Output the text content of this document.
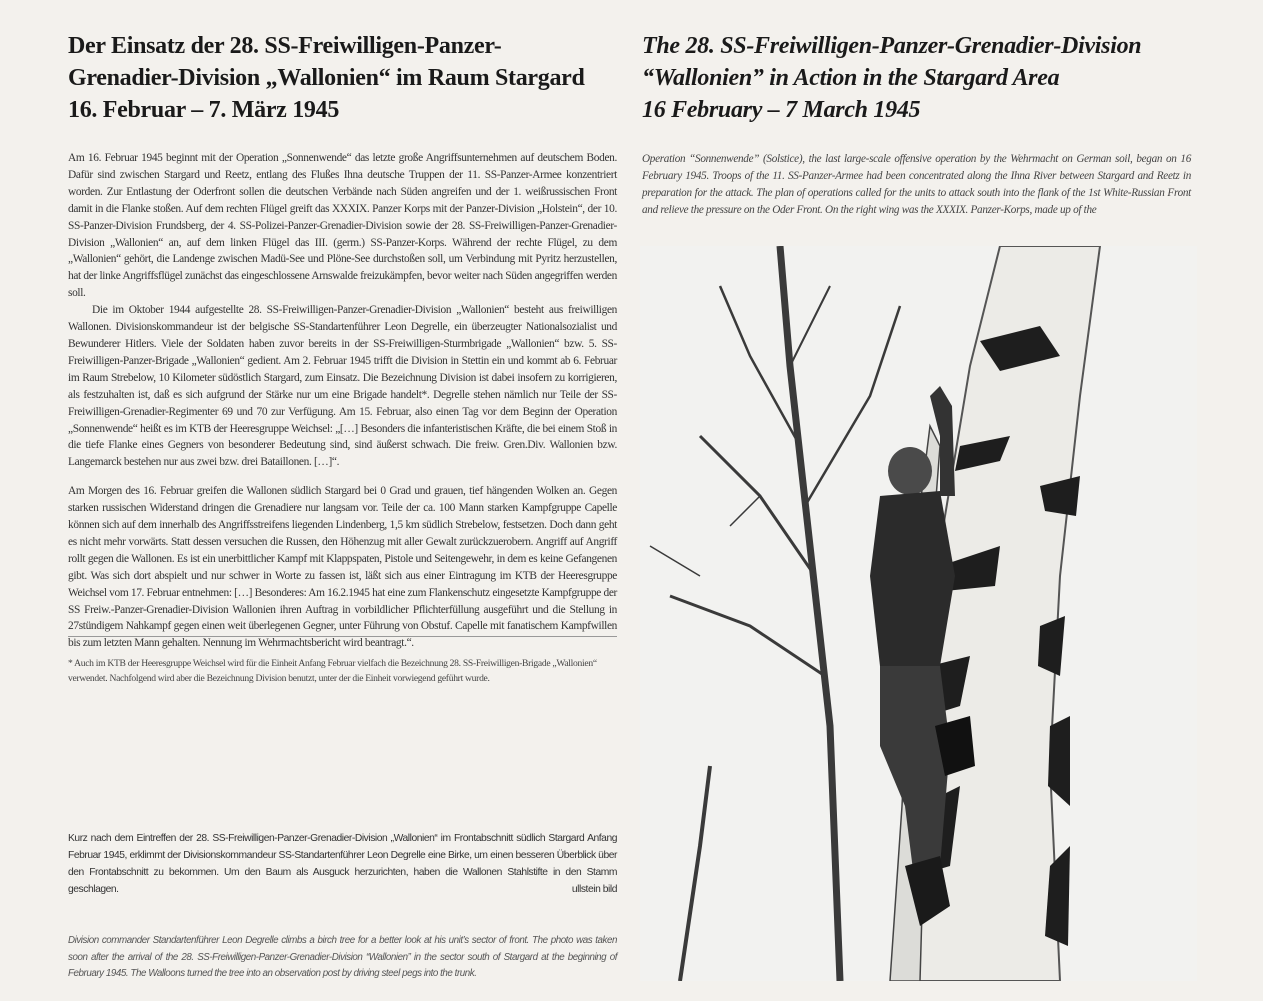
Der Einsatz der 28. SS-Freiwilligen-Panzer-
Grenadier-Division „Wallonien“ im Raum Stargard
16. Februar – 7. März 1945
The 28. SS-Freiwilligen-Panzer-Grenadier-Division
“Wallonien” in Action in the Stargard Area
16 February – 7 March 1945

Am 16. Februar 1945 beginnt mit der Operation „Sonnenwende“ das letzte große Angriffsunternehmen auf deutschem Boden. Dafür sind zwischen Stargard und Reetz, entlang des Flußes Ihna deutsche Truppen der 11. SS-Panzer-Armee konzentriert worden. Zur Entlastung der Oderfront sollen die deutschen Verbände nach Süden angreifen und der 1. weißrussischen Front damit in die Flanke stoßen. Auf dem rechten Flügel greift das XXXIX. Panzer Korps mit der Panzer-Division „Holstein“, der 10. SS-Panzer-Division Frundsberg, der 4. SS-Polizei-Panzer-Grenadier-Division sowie der 28. SS-Freiwilligen-Panzer-Grenadier-Division „Wallonien“ an, auf dem linken Flügel das III. (germ.) SS-Panzer-Korps. Während der rechte Flügel, zu dem „Wallonien“ gehört, die Landenge zwischen Madü-See und Plöne-See durchstoßen soll, um Verbindung mit Pyritz herzustellen, hat der linke Angriffsflügel zunächst das eingeschlossene Arnswalde freizukämpfen, bevor weiter nach Süden angegriffen werden soll.

Die im Oktober 1944 aufgestellte 28. SS-Freiwilligen-Panzer-Grenadier-Division „Wallonien“ besteht aus freiwilligen Wallonen. Divisionskommandeur ist der belgische SS-Standartenführer Leon Degrelle, ein überzeugter Nationalsozialist und Bewunderer Hitlers. Viele der Soldaten haben zuvor bereits in der SS-Freiwilligen-Sturmbrigade „Wallonien“ bzw. 5. SS-Freiwilligen-Panzer-Brigade „Wallonien“ gedient. Am 2. Februar 1945 trifft die Division in Stettin ein und kommt ab 6. Februar im Raum Strebelow, 10 Kilometer südöstlich Stargard, zum Einsatz. Die Bezeichnung Division ist dabei insofern zu korrigieren, als festzuhalten ist, daß es sich aufgrund der Stärke nur um eine Brigade handelt*. Degrelle stehen nämlich nur Teile der SS-Freiwilligen-Grenadier-Regimenter 69 und 70 zur Verfügung. Am 15. Februar, also einen Tag vor dem Beginn der Operation „Sonnenwende“ heißt es im KTB der Heeresgruppe Weichsel: „[…] Besonders die infanteristischen Kräfte, die bei einem Stoß in die tiefe Flanke eines Gegners von besonderer Bedeutung sind, sind äußerst schwach. Die freiw. Gren.Div. Wallonien bzw. Langemarck bestehen nur aus zwei bzw. drei Bataillonen. […]“.

Am Morgen des 16. Februar greifen die Wallonen südlich Stargard bei 0 Grad und grauen, tief hängenden Wolken an. Gegen starken russischen Widerstand dringen die Grenadiere nur langsam vor. Teile der ca. 100 Mann starken Kampfgruppe Capelle können sich auf dem innerhalb des Angriffsstreifens liegenden Lindenberg, 1,5 km südlich Strebelow, festsetzen. Doch dann geht es nicht mehr vorwärts. Statt dessen versuchen die Russen, den Höhenzug mit aller Gewalt zurückzuerobern. Angriff auf Angriff rollt gegen die Wallonen. Es ist ein unerbittlicher Kampf mit Klappspaten, Pistole und Seitengewehr, in dem es keine Gefangenen gibt. Was sich dort abspielt und nur schwer in Worte zu fassen ist, läßt sich aus einer Eintragung im KTB der Heeresgruppe Weichsel vom 17. Februar entnehmen: […] Besonderes: Am 16.2.1945 hat eine zum Flankenschutz eingesetzte Kampfgruppe der SS Freiw.-Panzer-Grenadier-Division Wallonien ihren Auftrag in vorbildlicher Pflichterfüllung ausgeführt und die Stellung in 27stündigem Nahkampf gegen einen weit überlegenen Gegner, unter Führung von Obstuf. Capelle mit fanatischem Kampfwillen bis zum letzten Mann gehalten. Nennung im Wehrmachtsbericht wird beantragt.“.

* Auch im KTB der Heeresgruppe Weichsel wird für die Einheit Anfang Februar vielfach die Bezeichnung 28. SS-Freiwilligen-Brigade „Wallonien“ verwendet. Nachfolgend wird aber die Bezeichnung Division benutzt, unter der die Einheit vorwiegend geführt wurde.
Operation “Sonnenwende” (Solstice), the last large-scale offensive operation by the Wehrmacht on German soil, began on 16 February 1945. Troops of the 11. SS-Panzer-Armee had been concentrated along the Ihna River between Stargard and Reetz in preparation for the attack. The plan of operations called for the units to attack south into the flank of the 1st White-Russian Front and relieve the pressure on the Oder Front. On the right wing was the XXXIX. Panzer-Korps, made up of the
Kurz nach dem Eintreffen der 28. SS-Freiwilligen-Panzer-Grenadier-Division „Wallonien“ im Frontabschnitt südlich Stargard Anfang Februar 1945, erklimmt der Divisionskommandeur SS-Standartenführer Leon Degrelle eine Birke, um einen besseren Überblick über den Frontabschnitt zu bekommen. Um den Baum als Ausguck herzurichten, haben die Wallonen Stahlstifte in den Stamm geschlagen.	ullstein bild
Division commander Standartenführer Leon Degrelle climbs a birch tree for a better look at his unit’s sector of front. The photo was taken soon after the arrival of the 28. SS-Freiwilligen-Panzer-Grenadier-Division “Wallonien” in the sector south of Stargard at the beginning of February 1945. The Walloons turned the tree into an observation post by driving steel pegs into the trunk.
